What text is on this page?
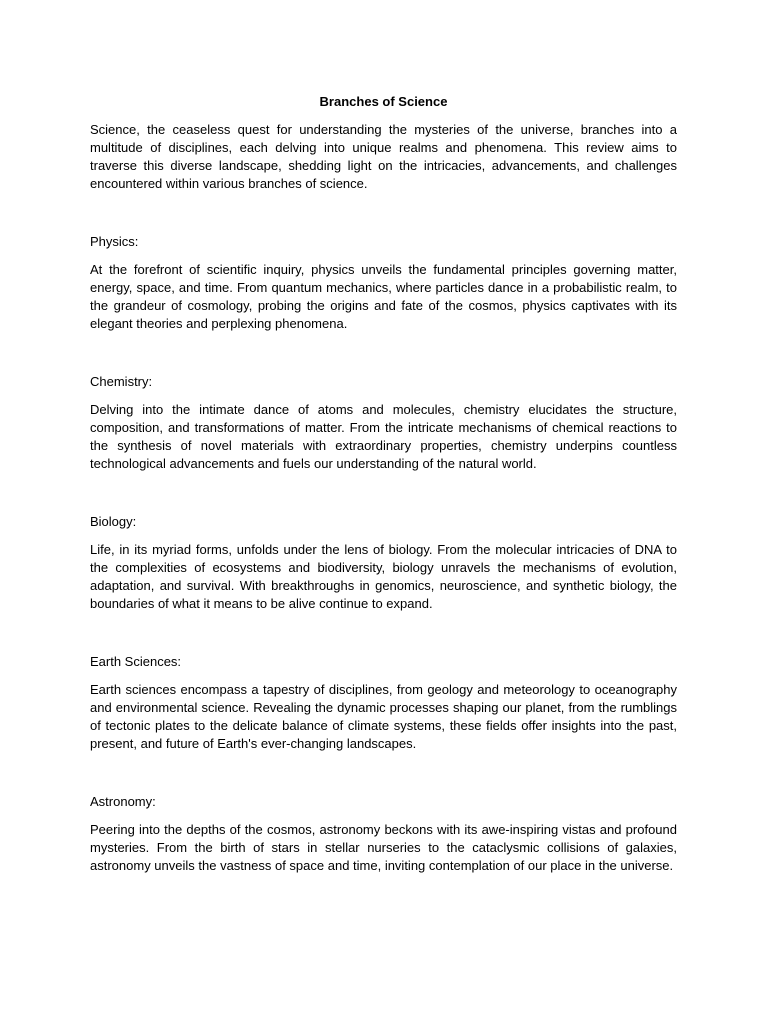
Branches of Science

Science, the ceaseless quest for understanding the mysteries of the universe, branches into a multitude of disciplines, each delving into unique realms and phenomena. This review aims to traverse this diverse landscape, shedding light on the intricacies, advancements, and challenges encountered within various branches of science.

Physics:

At the forefront of scientific inquiry, physics unveils the fundamental principles governing matter, energy, space, and time. From quantum mechanics, where particles dance in a probabilistic realm, to the grandeur of cosmology, probing the origins and fate of the cosmos, physics captivates with its elegant theories and perplexing phenomena.

Chemistry:

Delving into the intimate dance of atoms and molecules, chemistry elucidates the structure, composition, and transformations of matter. From the intricate mechanisms of chemical reactions to the synthesis of novel materials with extraordinary properties, chemistry underpins countless technological advancements and fuels our understanding of the natural world.

Biology:

Life, in its myriad forms, unfolds under the lens of biology. From the molecular intricacies of DNA to the complexities of ecosystems and biodiversity, biology unravels the mechanisms of evolution, adaptation, and survival. With breakthroughs in genomics, neuroscience, and synthetic biology, the boundaries of what it means to be alive continue to expand.

Earth Sciences:

Earth sciences encompass a tapestry of disciplines, from geology and meteorology to oceanography and environmental science. Revealing the dynamic processes shaping our planet, from the rumblings of tectonic plates to the delicate balance of climate systems, these fields offer insights into the past, present, and future of Earth's ever-changing landscapes.

Astronomy:

Peering into the depths of the cosmos, astronomy beckons with its awe-inspiring vistas and profound mysteries. From the birth of stars in stellar nurseries to the cataclysmic collisions of galaxies, astronomy unveils the vastness of space and time, inviting contemplation of our place in the universe.
